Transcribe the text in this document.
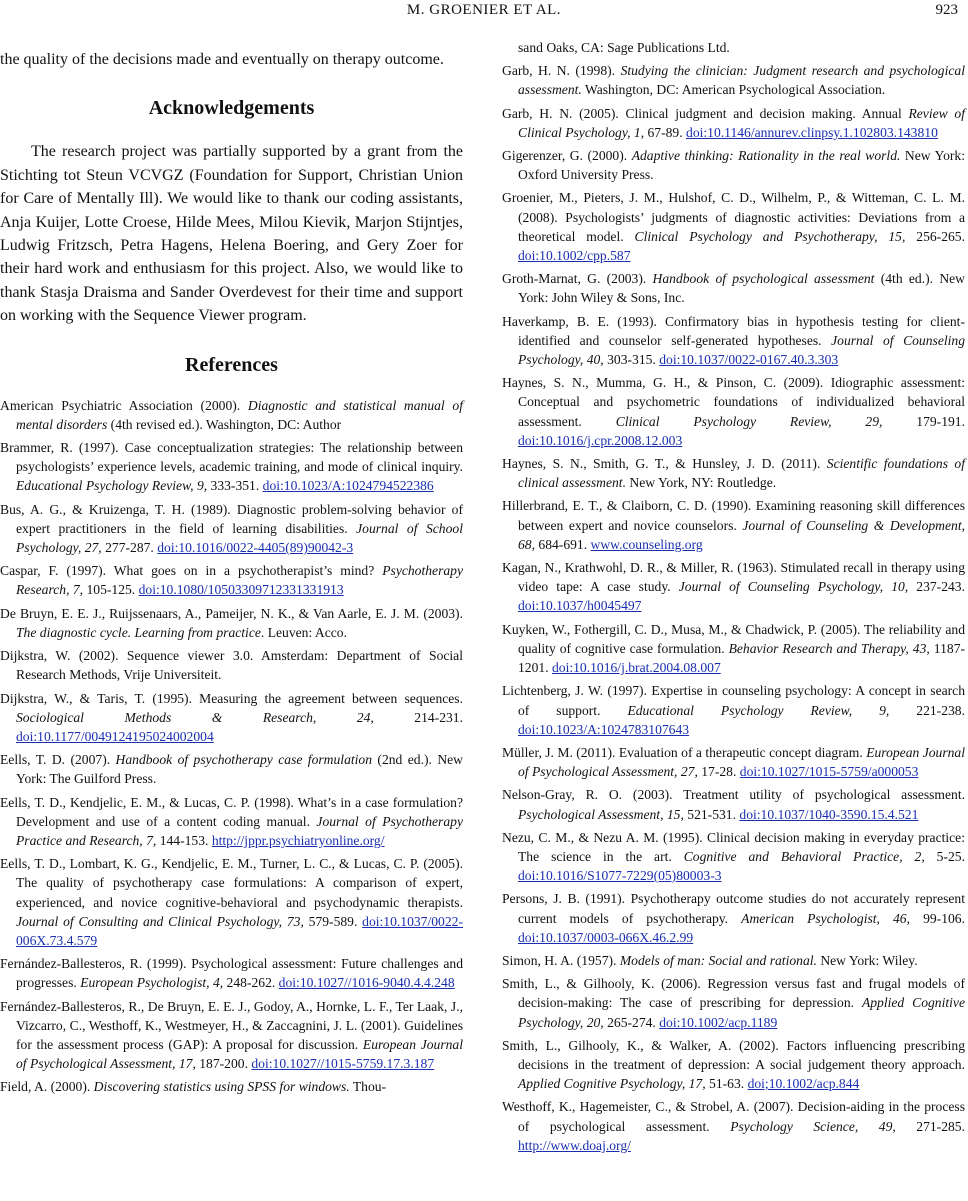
M. GROENIER ET AL.	923

the quality of the decisions made and eventually on therapy outcome.

Acknowledgements

The research project was partially supported by a grant from the Stichting tot Steun VCVGZ (Foundation for Support, Christian Union for Care of Mentally Ill). We would like to thank our coding assistants, Anja Kuijer, Lotte Croese, Hilde Mees, Milou Kievik, Marjon Stijntjes, Ludwig Fritzsch, Petra Hagens, Helena Boering, and Gery Zoer for their hard work and enthusiasm for this project. Also, we would like to thank Stasja Draisma and Sander Overdevest for their time and support on working with the Sequence Viewer program.

References

American Psychiatric Association (2000). Diagnostic and statistical manual of mental disorders (4th revised ed.). Washington, DC: Author

Brammer, R. (1997). Case conceptualization strategies: The relationship between psychologists’ experience levels, academic training, and mode of clinical inquiry. Educational Psychology Review, 9, 333-351. doi:10.1023/A:1024794522386

Bus, A. G., & Kruizenga, T. H. (1989). Diagnostic problem-solving behavior of expert practitioners in the field of learning disabilities. Journal of School Psychology, 27, 277-287. doi:10.1016/0022-4405(89)90042-3

Caspar, F. (1997). What goes on in a psychotherapist’s mind? Psychotherapy Research, 7, 105-125. doi:10.1080/10503309712331331913

De Bruyn, E. E. J., Ruijssenaars, A., Pameijer, N. K., & Van Aarle, E. J. M. (2003). The diagnostic cycle. Learning from practice. Leuven: Acco.

Dijkstra, W. (2002). Sequence viewer 3.0. Amsterdam: Department of Social Research Methods, Vrije Universiteit.

Dijkstra, W., & Taris, T. (1995). Measuring the agreement between sequences. Sociological Methods & Research, 24, 214-231. doi:10.1177/0049124195024002004

Eells, T. D. (2007). Handbook of psychotherapy case formulation (2nd ed.). New York: The Guilford Press.

Eells, T. D., Kendjelic, E. M., & Lucas, C. P. (1998). What’s in a case formulation? Development and use of a content coding manual. Journal of Psychotherapy Practice and Research, 7, 144-153. http://jppr.psychiatryonline.org/

Eells, T. D., Lombart, K. G., Kendjelic, E. M., Turner, L. C., & Lucas, C. P. (2005). The quality of psychotherapy case formulations: A comparison of expert, experienced, and novice cognitive-behavioral and psychodynamic therapists. Journal of Consulting and Clinical Psychology, 73, 579-589. doi:10.1037/0022-006X.73.4.579

Fernández-Ballesteros, R. (1999). Psychological assessment: Future challenges and progresses. European Psychologist, 4, 248-262. doi:10.1027//1016-9040.4.4.248

Fernández-Ballesteros, R., De Bruyn, E. E. J., Godoy, A., Hornke, L. F., Ter Laak, J., Vizcarro, C., Westhoff, K., Westmeyer, H., & Zaccagnini, J. L. (2001). Guidelines for the assessment process (GAP): A proposal for discussion. European Journal of Psychological Assessment, 17, 187-200. doi:10.1027//1015-5759.17.3.187

Field, A. (2000). Discovering statistics using SPSS for windows. Thou-

sand Oaks, CA: Sage Publications Ltd.

Garb, H. N. (1998). Studying the clinician: Judgment research and psychological assessment. Washington, DC: American Psychological Association.

Garb, H. N. (2005). Clinical judgment and decision making. Annual Review of Clinical Psychology, 1, 67-89. doi:10.1146/annurev.clinpsy.1.102803.143810

Gigerenzer, G. (2000). Adaptive thinking: Rationality in the real world. New York: Oxford University Press.

Groenier, M., Pieters, J. M., Hulshof, C. D., Wilhelm, P., & Witteman, C. L. M. (2008). Psychologists’ judgments of diagnostic activities: Deviations from a theoretical model. Clinical Psychology and Psychotherapy, 15, 256-265. doi:10.1002/cpp.587

Groth-Marnat, G. (2003). Handbook of psychological assessment (4th ed.). New York: John Wiley & Sons, Inc.

Haverkamp, B. E. (1993). Confirmatory bias in hypothesis testing for client-identified and counselor self-generated hypotheses. Journal of Counseling Psychology, 40, 303-315. doi:10.1037/0022-0167.40.3.303

Haynes, S. N., Mumma, G. H., & Pinson, C. (2009). Idiographic assessment: Conceptual and psychometric foundations of individualized behavioral assessment. Clinical Psychology Review, 29, 179-191. doi:10.1016/j.cpr.2008.12.003

Haynes, S. N., Smith, G. T., & Hunsley, J. D. (2011). Scientific foundations of clinical assessment. New York, NY: Routledge.

Hillerbrand, E. T., & Claiborn, C. D. (1990). Examining reasoning skill differences between expert and novice counselors. Journal of Counseling & Development, 68, 684-691. www.counseling.org

Kagan, N., Krathwohl, D. R., & Miller, R. (1963). Stimulated recall in therapy using video tape: A case study. Journal of Counseling Psychology, 10, 237-243. doi:10.1037/h0045497

Kuyken, W., Fothergill, C. D., Musa, M., & Chadwick, P. (2005). The reliability and quality of cognitive case formulation. Behavior Research and Therapy, 43, 1187-1201. doi:10.1016/j.brat.2004.08.007

Lichtenberg, J. W. (1997). Expertise in counseling psychology: A concept in search of support. Educational Psychology Review, 9, 221-238. doi:10.1023/A:1024783107643

Müller, J. M. (2011). Evaluation of a therapeutic concept diagram. European Journal of Psychological Assessment, 27, 17-28. doi:10.1027/1015-5759/a000053

Nelson-Gray, R. O. (2003). Treatment utility of psychological assessment. Psychological Assessment, 15, 521-531. doi:10.1037/1040-3590.15.4.521

Nezu, C. M., & Nezu A. M. (1995). Clinical decision making in everyday practice: The science in the art. Cognitive and Behavioral Practice, 2, 5-25. doi:10.1016/S1077-7229(05)80003-3

Persons, J. B. (1991). Psychotherapy outcome studies do not accurately represent current models of psychotherapy. American Psychologist, 46, 99-106. doi:10.1037/0003-066X.46.2.99

Simon, H. A. (1957). Models of man: Social and rational. New York: Wiley.

Smith, L., & Gilhooly, K. (2006). Regression versus fast and frugal models of decision-making: The case of prescribing for depression. Applied Cognitive Psychology, 20, 265-274. doi:10.1002/acp.1189

Smith, L., Gilhooly, K., & Walker, A. (2002). Factors influencing prescribing decisions in the treatment of depression: A social judgement theory approach. Applied Cognitive Psychology, 17, 51-63. doi;10.1002/acp.844

Westhoff, K., Hagemeister, C., & Strobel, A. (2007). Decision-aiding in the process of psychological assessment. Psychology Science, 49, 271-285. http://www.doaj.org/
